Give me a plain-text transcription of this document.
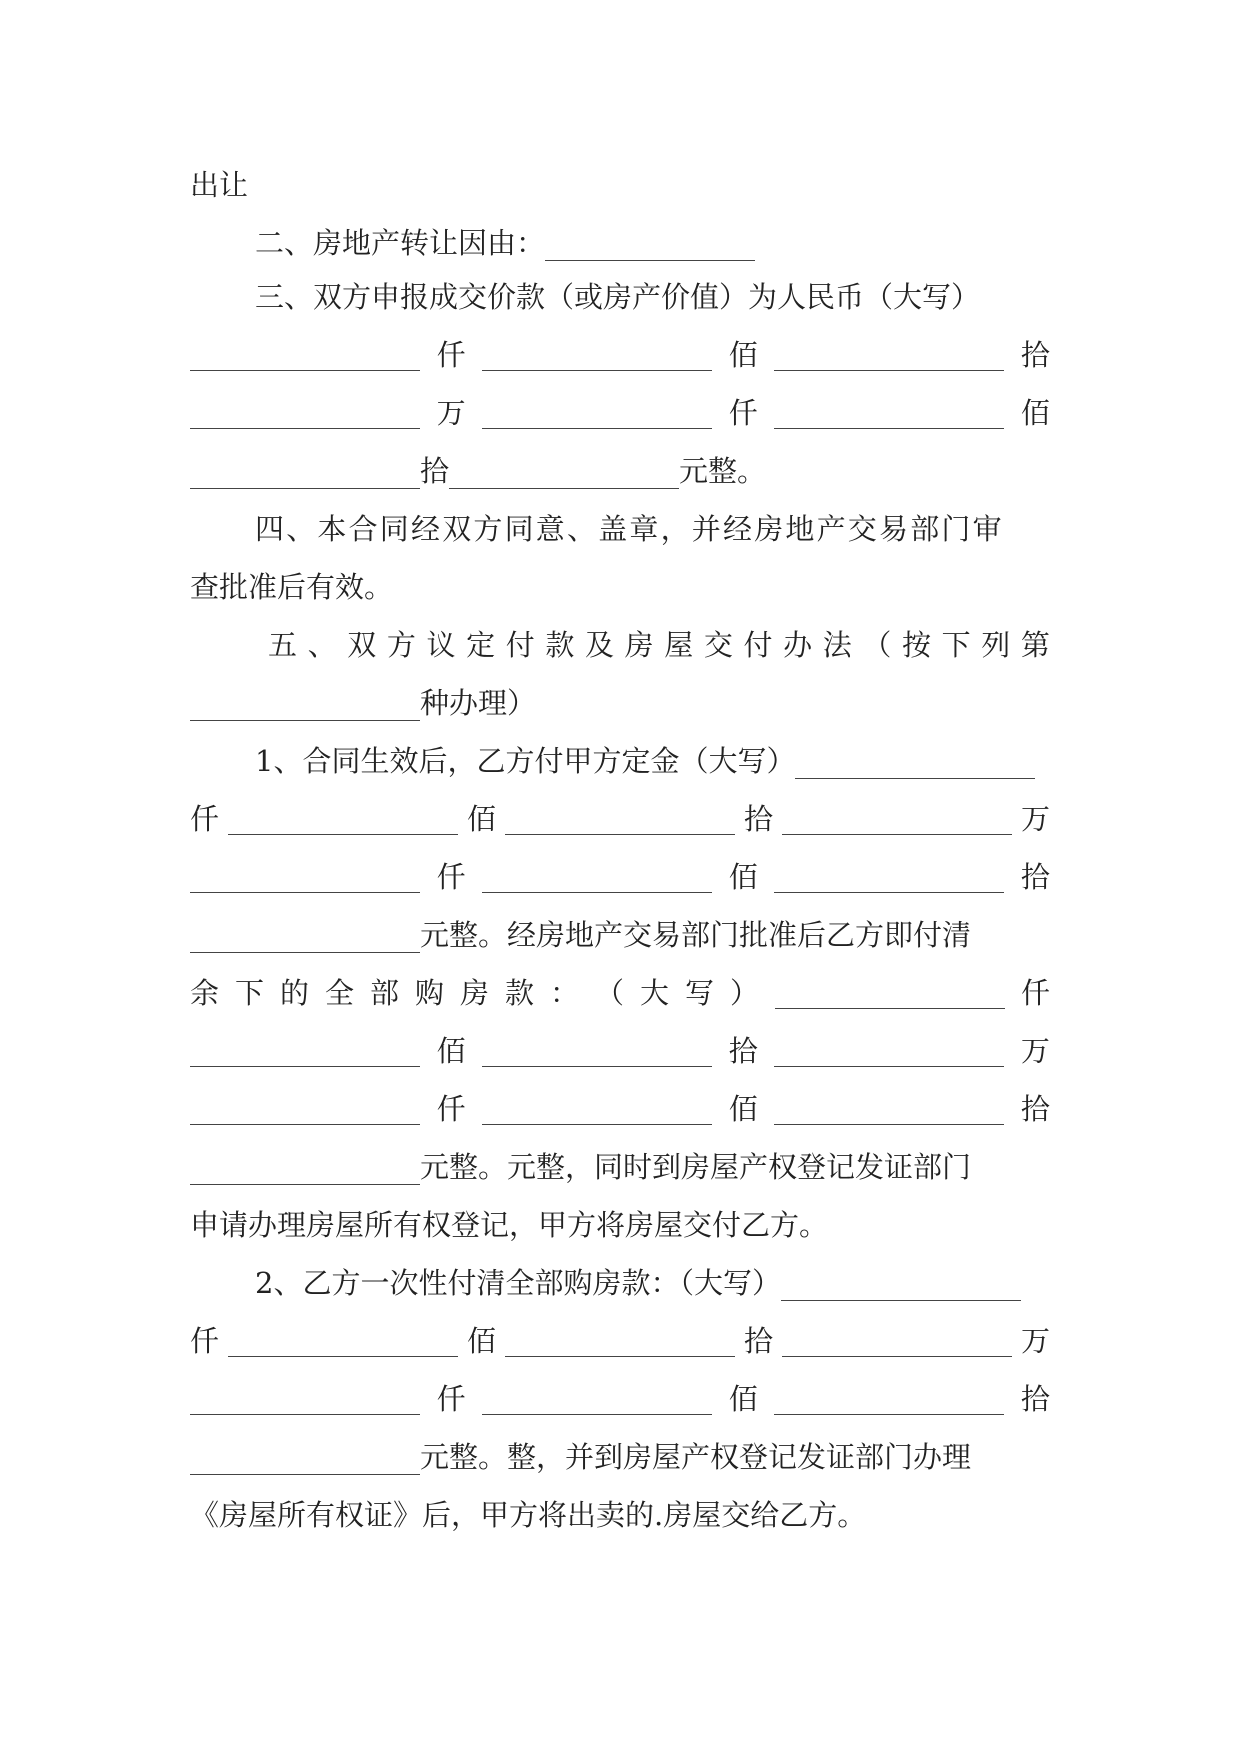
出让
二、房地产转让因由：
三、双方申报成交价款（或房产价值）为人民币（大写）
仟	佰	拾
万	仟	佰
拾	元整。
四、本合同经双方同意、盖章，并经房地产交易部门审
查批准后有效。
五 、 双 方 议 定 付 款 及 房 屋 交 付 办 法 （ 按 下 列 第
种办理）
1、合同生效后，乙方付甲方定金（大写）
仟	佰	拾	万
仟	佰	拾
元整。经房地产交易部门批准后乙方即付清
余 下 的 全 部 购 房 款 ： （ 大 写 ）	仟
佰	拾	万
仟	佰	拾
元整。元整，同时到房屋产权登记发证部门
申请办理房屋所有权登记，甲方将房屋交付乙方。
2、乙方一次性付清全部购房款：（大写）
仟	佰	拾	万
仟	佰	拾
元整。整，并到房屋产权登记发证部门办理
《房屋所有权证》后，甲方将出卖的.房屋交给乙方。
